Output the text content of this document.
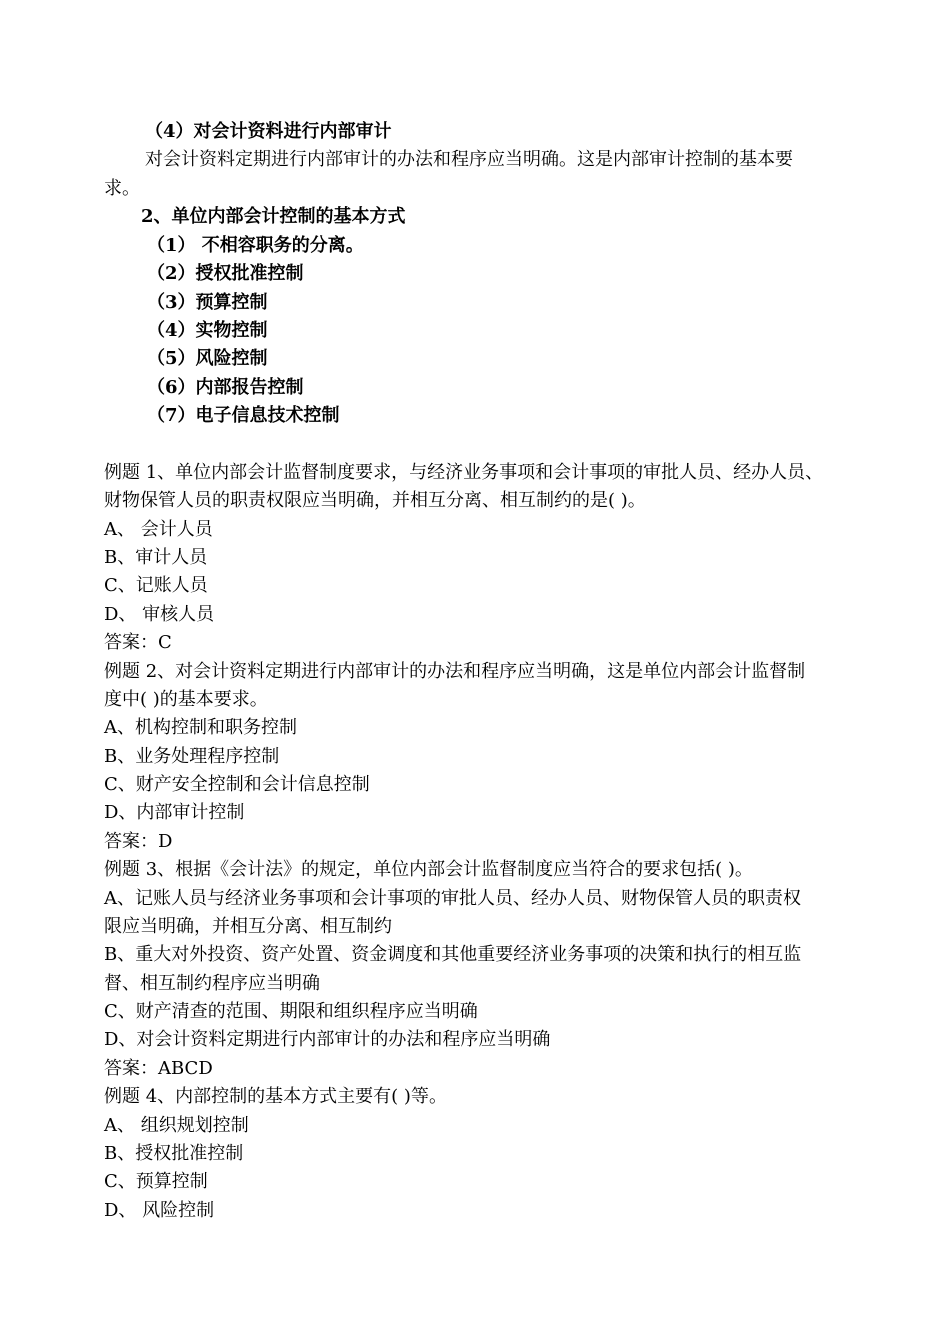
（4）对会计资料进行内部审计
对会计资料定期进行内部审计的办法和程序应当明确。这是内部审计控制的基本要
求。
2、单位内部会计控制的基本方式
（1） 不相容职务的分离。
（2）授权批准控制
（3）预算控制
（4）实物控制
（5）风险控制
（6）内部报告控制
（7）电子信息技术控制
例题 1、单位内部会计监督制度要求，与经济业务事项和会计事项的审批人员、经办人员、
财物保管人员的职责权限应当明确，并相互分离、相互制约的是( )。
A、 会计人员
B、审计人员
C、记账人员
D、 审核人员
答案：C
例题 2、对会计资料定期进行内部审计的办法和程序应当明确，这是单位内部会计监督制
度中( )的基本要求。
A、机构控制和职务控制
B、业务处理程序控制
C、财产安全控制和会计信息控制
D、内部审计控制
答案：D
例题 3、根据《会计法》的规定，单位内部会计监督制度应当符合的要求包括( )。
A、记账人员与经济业务事项和会计事项的审批人员、经办人员、财物保管人员的职责权
限应当明确，并相互分离、相互制约
B、重大对外投资、资产处置、资金调度和其他重要经济业务事项的决策和执行的相互监
督、相互制约程序应当明确
C、财产清查的范围、期限和组织程序应当明确
D、对会计资料定期进行内部审计的办法和程序应当明确
答案：ABCD
例题 4、内部控制的基本方式主要有( )等。
A、 组织规划控制
B、授权批准控制
C、预算控制
D、 风险控制
